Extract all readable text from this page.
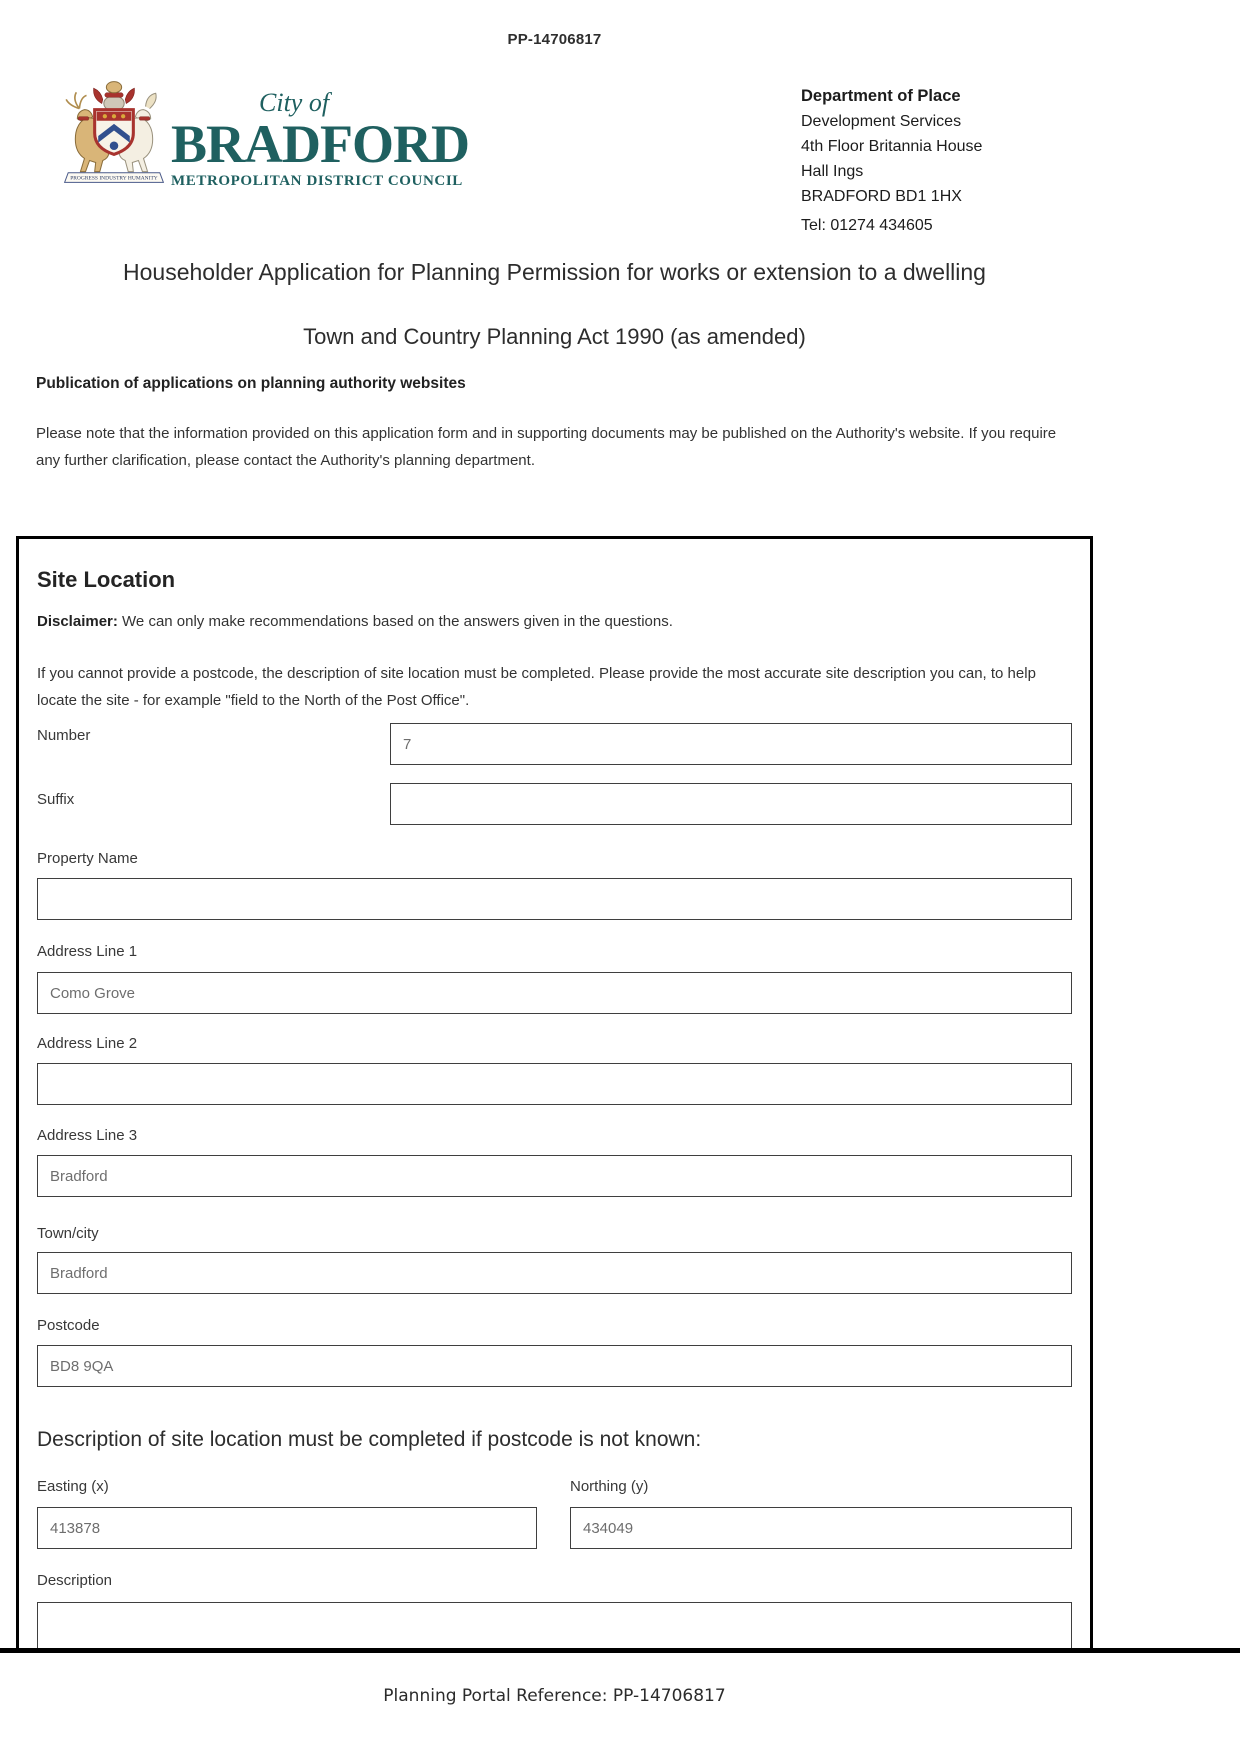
PP-14706817
PROGRESS INDUSTRY HUMANITY
City of
BRADFORD
METROPOLITAN DISTRICT COUNCIL
Department of Place
Development Services
4th Floor Britannia House
Hall Ings
BRADFORD BD1 1HX
Tel: 01274 434605
Householder Application for Planning Permission for works or extension to a dwelling
Town and Country Planning Act 1990 (as amended)
Publication of applications on planning authority websites
Please note that the information provided on this application form and in supporting documents may be published on the Authority's website. If you require any further clarification, please contact the Authority's planning department.
Site Location
Disclaimer: We can only make recommendations based on the answers given in the questions.
If you cannot provide a postcode, the description of site location must be completed. Please provide the most accurate site description you can, to help locate the site - for example "field to the North of the Post Office".
Number
7
Suffix
Property Name
Address Line 1
Como Grove
Address Line 2
Address Line 3
Bradford
Town/city
Bradford
Postcode
BD8 9QA
Description of site location must be completed if postcode is not known:
Easting (x)	Northing (y)
413878
434049
Description
Planning Portal Reference: PP-14706817
